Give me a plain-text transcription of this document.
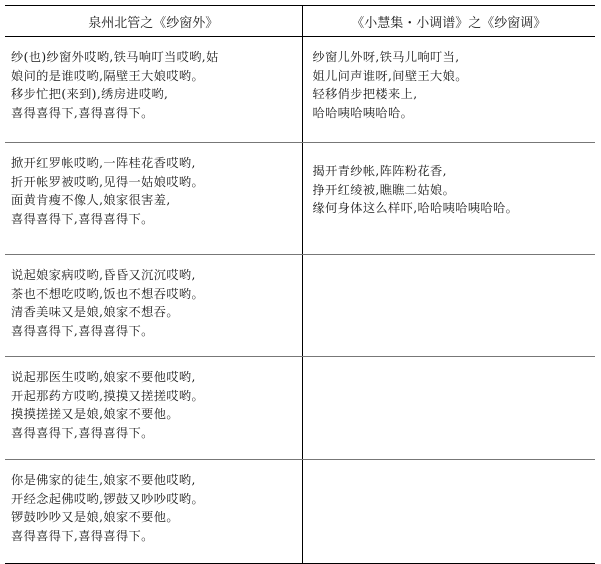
泉州北管之《纱窗外》	《小慧集・小调谱》之《纱窗调》

纱(也)纱窗外哎哟,铁马响叮当哎哟,姑
娘问的是谁哎哟,隔壁王大娘哎哟。
移步忙把(来到),绣房进哎哟,
喜得喜得下,喜得喜得下。	纱窗儿外呀,铁马儿响叮当,
姐儿问声谁呀,间壁王大娘。
轻移俏步把楼来上,
哈哈咦哈咦哈哈。

掀开红罗帐哎哟,一阵桂花香哎哟,
折开帐罗被哎哟,见得一姑娘哎哟。
面黄肯瘦不像人,娘家很害羞,
喜得喜得下,喜得喜得下。	揭开青纱帐,阵阵粉花香,
挣开红绫被,瞧瞧二姑娘。
缘何身体这么样吓,哈哈咦哈咦哈哈。

说起娘家病哎哟,昏昏又沉沉哎哟,
茶也不想吃哎哟,饭也不想吞哎哟。
清香美味又是娘,娘家不想吞。
喜得喜得下,喜得喜得下。	

说起那医生哎哟,娘家不要他哎哟,
开起那药方哎哟,摸摸又搓搓哎哟。
摸摸搓搓又是娘,娘家不要他。
喜得喜得下,喜得喜得下。	

你是佛家的徒生,娘家不要他哎哟,
开经念起佛哎哟,锣鼓又吵吵哎哟。
锣鼓吵吵又是娘,娘家不要他。
喜得喜得下,喜得喜得下。	
